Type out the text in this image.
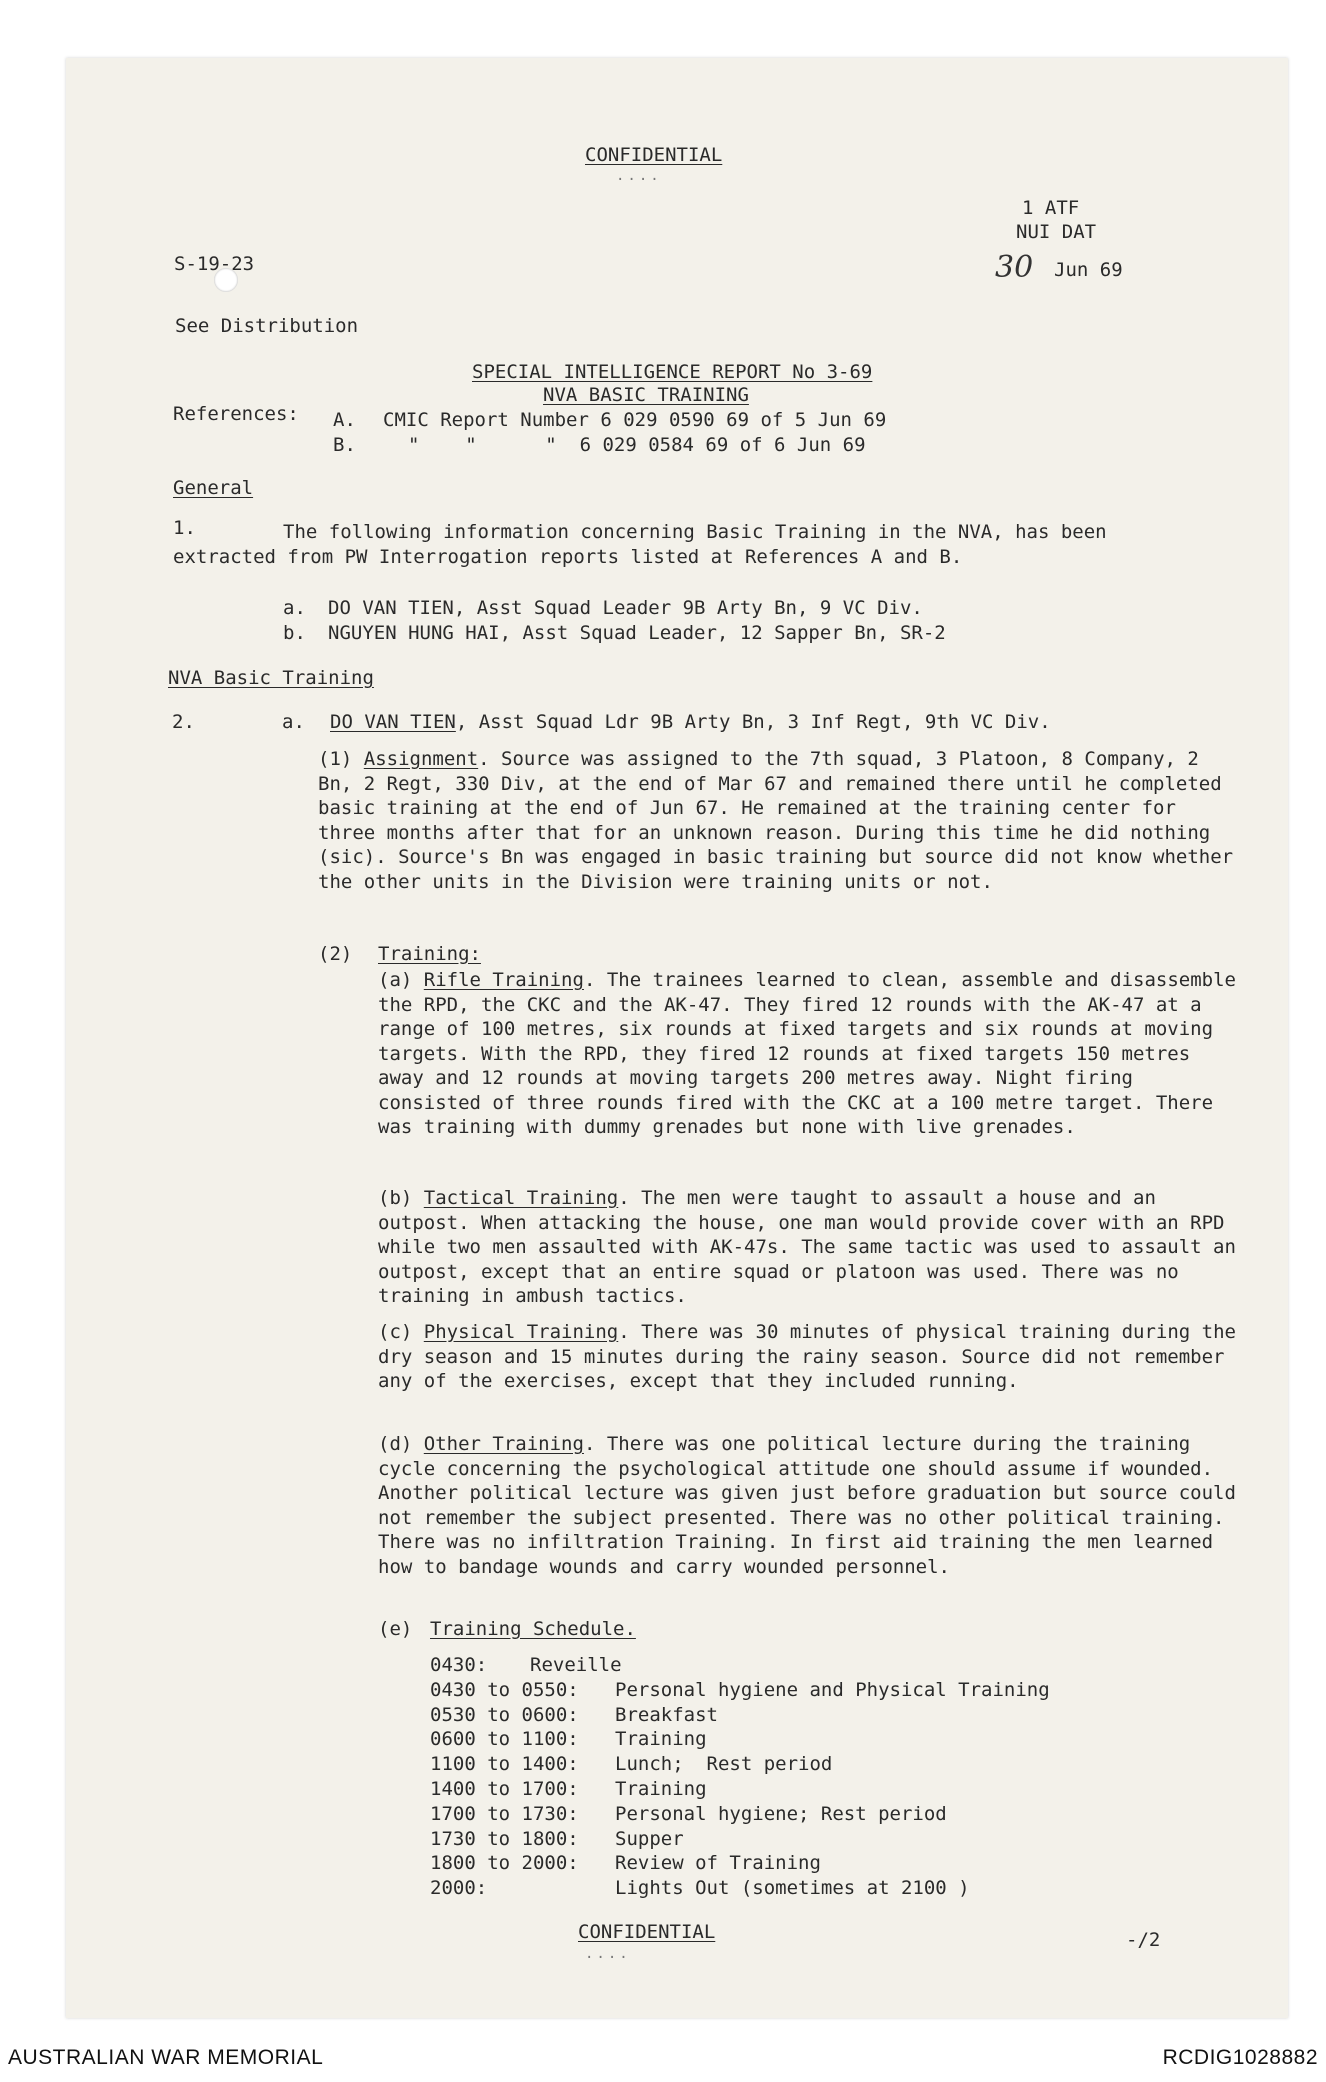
CONFIDENTIAL
....
1 ATF
NUI DAT
S-19-23	30 Jun 69
See Distribution
SPECIAL INTELLIGENCE REPORT No 3-69
NVA BASIC TRAINING
References: A. CMIC Report Number 6 029 0590 69 of 5 Jun 69
B.	"    "      "  6 029 0584 69 of 6 Jun 69
General
1.	The following information concerning Basic Training in the NVA, has been extracted from PW Interrogation reports listed at References A and B.
a. DO VAN TIEN, Asst Squad Leader 9B Arty Bn, 9 VC Div.
b. NGUYEN HUNG HAI, Asst Squad Leader, 12 Sapper Bn, SR-2
NVA Basic Training
2.	a. DO VAN TIEN, Asst Squad Ldr 9B Arty Bn, 3 Inf Regt, 9th VC Div.
(1) Assignment. Source was assigned to the 7th squad, 3 Platoon, 8 Company, 2 Bn, 2 Regt, 330 Div, at the end of Mar 67 and remained there until he completed basic training at the end of Jun 67. He remained at the training center for three months after that for an unknown reason. During this time he did nothing (sic). Source's Bn was engaged in basic training but source did not know whether the other units in the Division were training units or not.
(2) Training:
(a) Rifle Training. The trainees learned to clean, assemble and disassemble the RPD, the CKC and the AK-47. They fired 12 rounds with the AK-47 at a range of 100 metres, six rounds at fixed targets and six rounds at moving targets. With the RPD, they fired 12 rounds at fixed targets 150 metres away and 12 rounds at moving targets 200 metres away. Night firing consisted of three rounds fired with the CKC at a 100 metre target. There was training with dummy grenades but none with live grenades.
(b) Tactical Training. The men were taught to assault a house and an outpost. When attacking the house, one man would provide cover with an RPD while two men assaulted with AK-47s. The same tactic was used to assault an outpost, except that an entire squad or platoon was used. There was no training in ambush tactics.
(c) Physical Training. There was 30 minutes of physical training during the dry season and 15 minutes during the rainy season. Source did not remember any of the exercises, except that they included running.
(d) Other Training. There was one political lecture during the training cycle concerning the psychological attitude one should assume if wounded. Another political lecture was given just before graduation but source could not remember the subject presented. There was no other political training. There was no infiltration Training. In first aid training the men learned how to bandage wounds and carry wounded personnel.
(e) Training Schedule.
0430:	Reveille
0430 to 0550:	Personal hygiene and Physical Training
0530 to 0600:	Breakfast
0600 to 1100:	Training
1100 to 1400:	Lunch;  Rest period
1400 to 1700:	Training
1700 to 1730:	Personal hygiene; Rest period
1730 to 1800:	Supper
1800 to 2000:	Review of Training
2000:	Lights Out (sometimes at 2100 )
CONFIDENTIAL
....
-/2
AUSTRALIAN WAR MEMORIAL	RCDIG1028882
